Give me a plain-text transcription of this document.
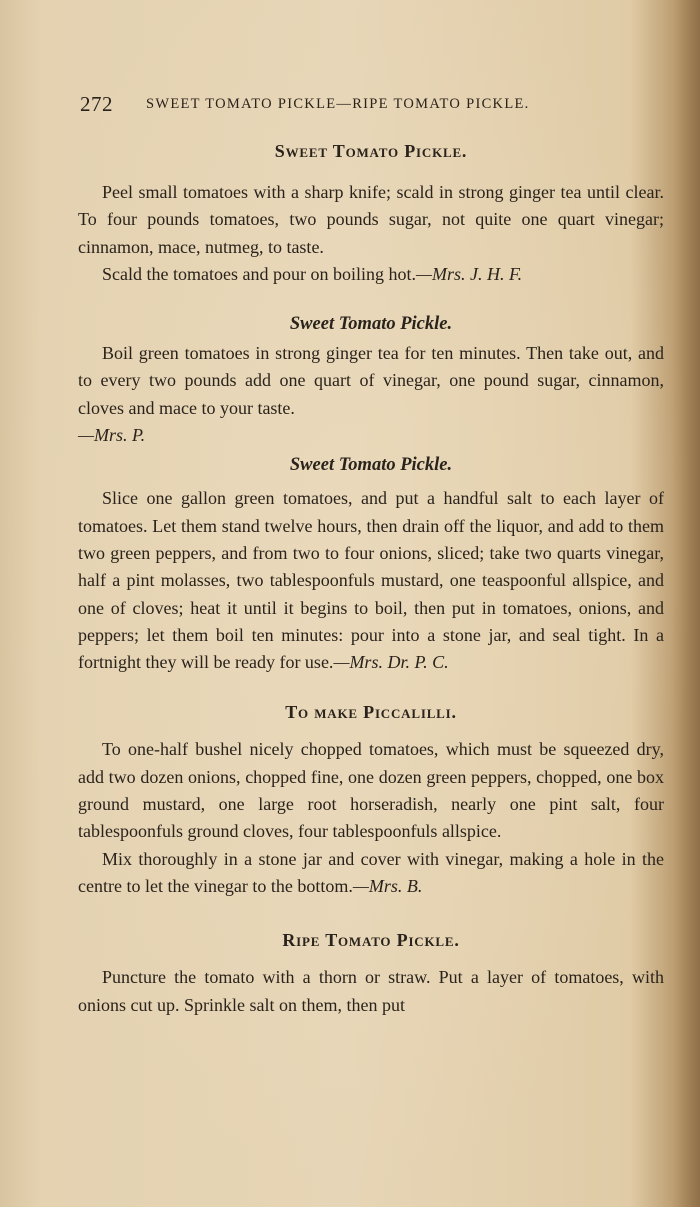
272 SWEET TOMATO PICKLE—RIPE TOMATO PICKLE.
Sweet Tomato Pickle.

Peel small tomatoes with a sharp knife; scald in strong ginger tea until clear. To four pounds tomatoes, two pounds sugar, not quite one quart vinegar; cinnamon, mace, nutmeg, to taste.

Scald the tomatoes and pour on boiling hot.—Mrs. J. H. F.

Sweet Tomato Pickle.

Boil green tomatoes in strong ginger tea for ten minutes. Then take out, and to every two pounds add one quart of vinegar, one pound sugar, cinnamon, cloves and mace to your taste.

—Mrs. P.

Sweet Tomato Pickle.

Slice one gallon green tomatoes, and put a handful salt to each layer of tomatoes. Let them stand twelve hours, then drain off the liquor, and add to them two green peppers, and from two to four onions, sliced; take two quarts vinegar, half a pint molasses, two tablespoonfuls mustard, one teaspoonful allspice, and one of cloves; heat it until it begins to boil, then put in tomatoes, onions, and peppers; let them boil ten minutes: pour into a stone jar, and seal tight. In a fortnight they will be ready for use.—Mrs. Dr. P. C.

To make Piccalilli.

To one-half bushel nicely chopped tomatoes, which must be squeezed dry, add two dozen onions, chopped fine, one dozen green peppers, chopped, one box ground mustard, one large root horseradish, nearly one pint salt, four tablespoonfuls ground cloves, four tablespoonfuls allspice.

Mix thoroughly in a stone jar and cover with vinegar, making a hole in the centre to let the vinegar to the bottom.—Mrs. B.

Ripe Tomato Pickle.

Puncture the tomato with a thorn or straw. Put a layer of tomatoes, with onions cut up. Sprinkle salt on them, then put
